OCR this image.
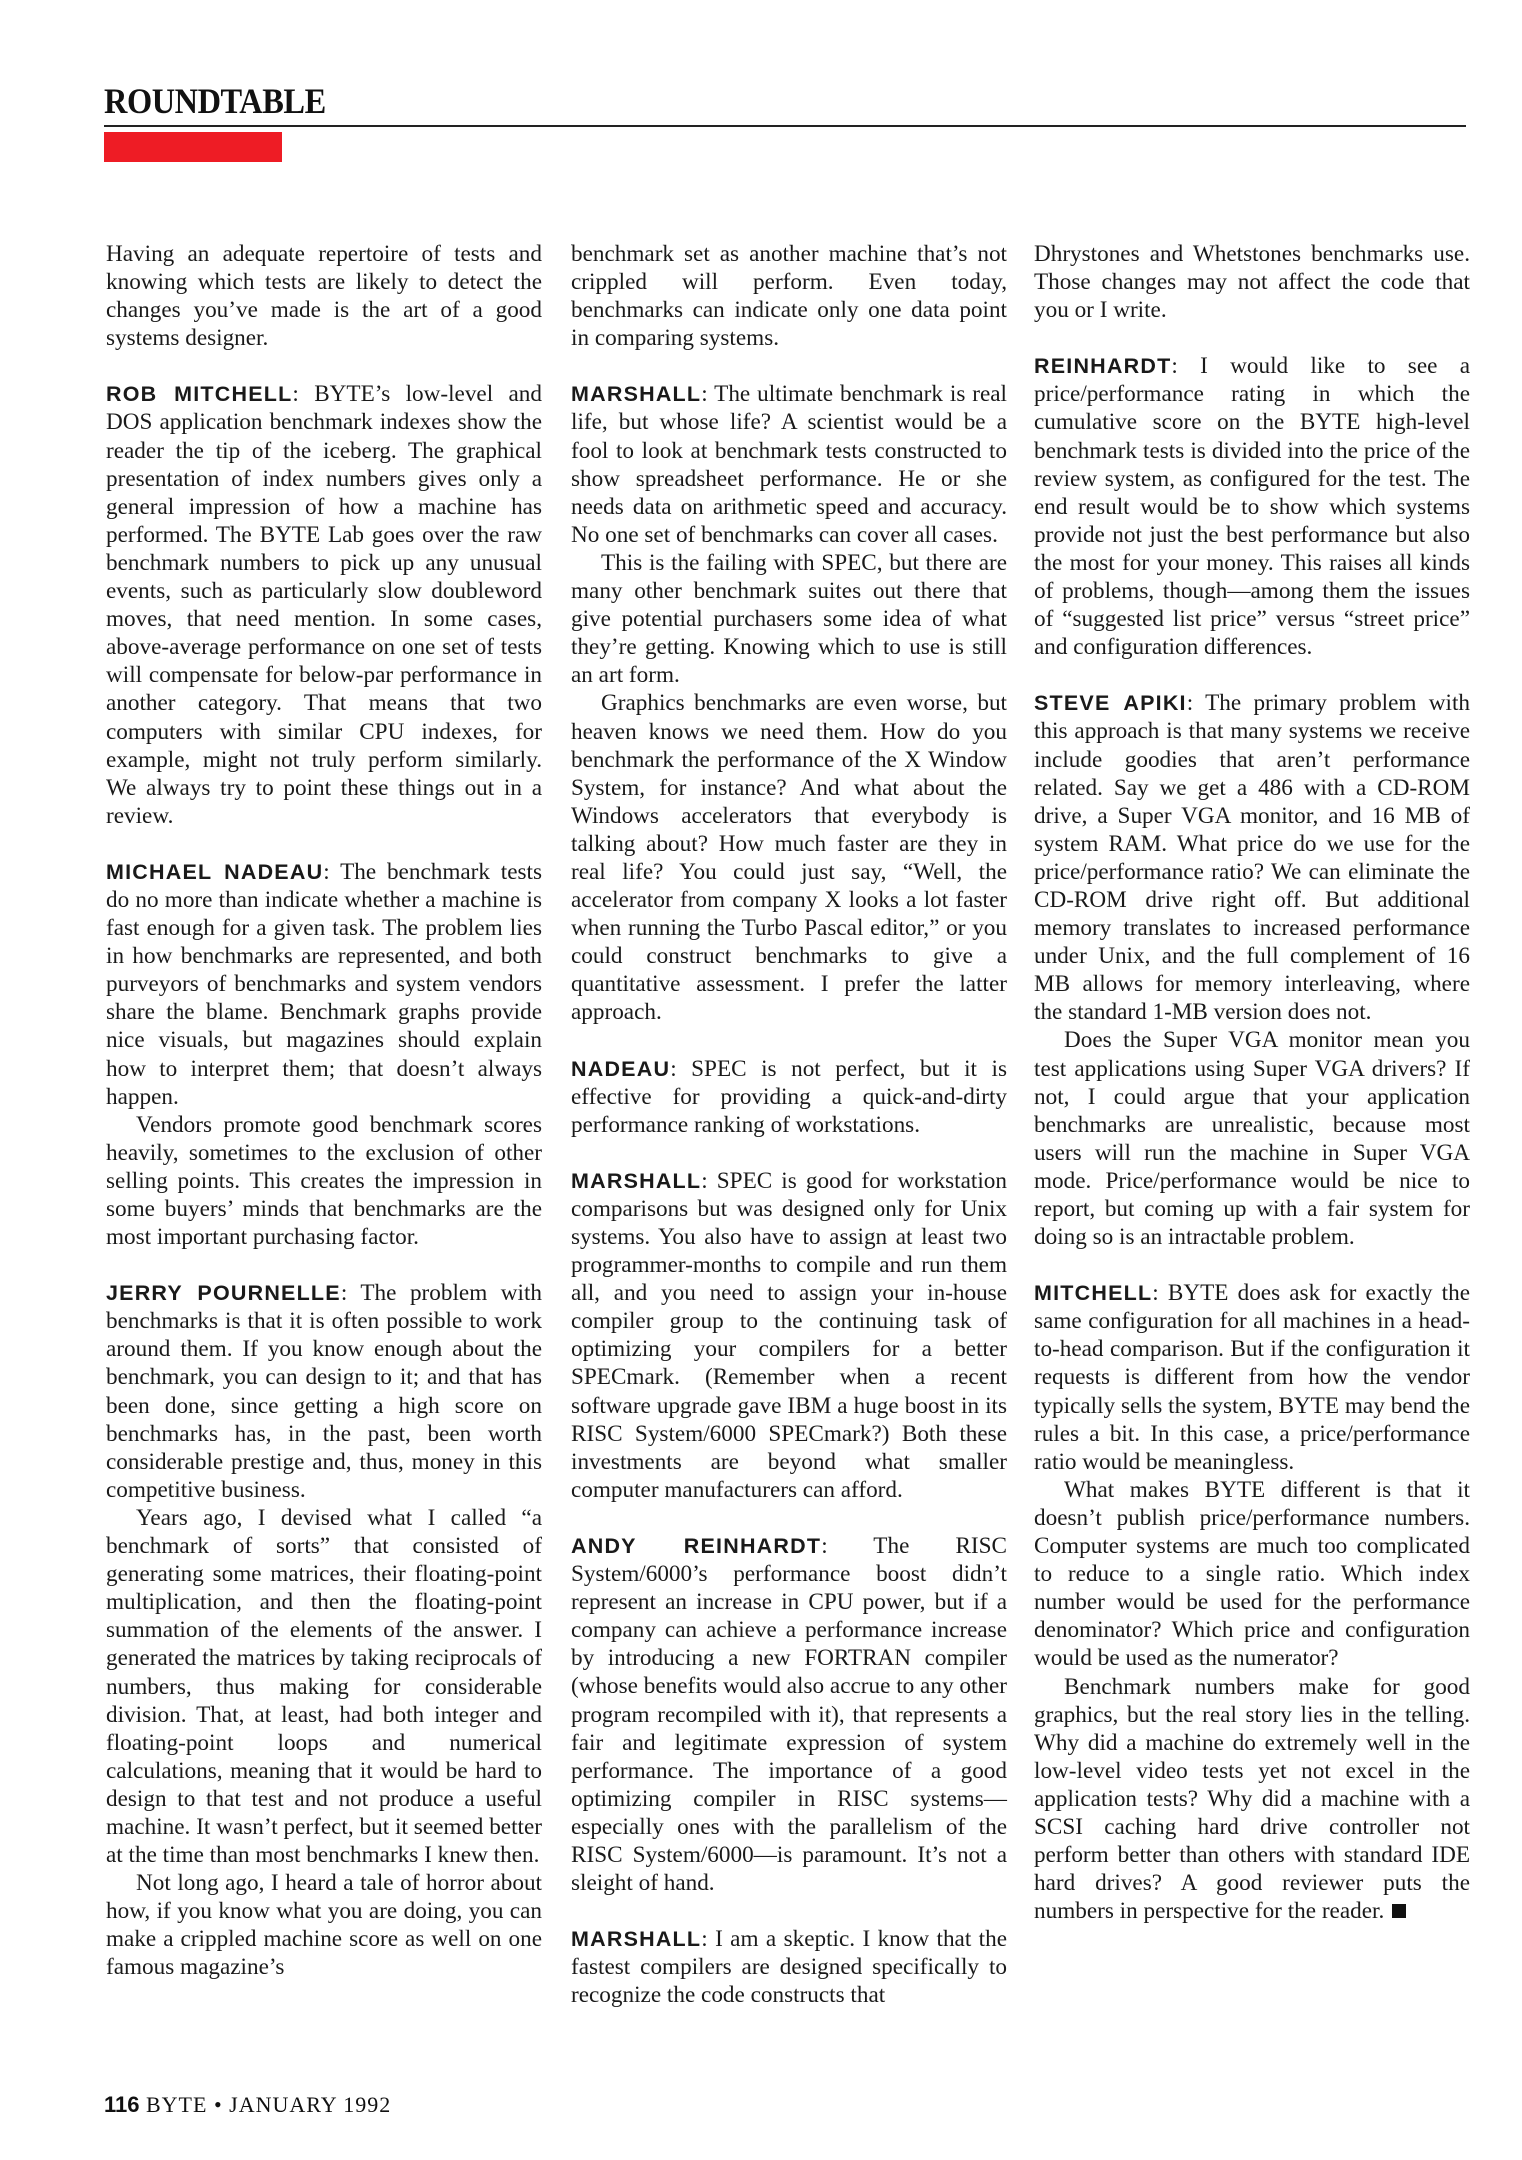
ROUNDTABLE

Having an adequate repertoire of tests and knowing which tests are likely to detect the changes you’ve made is the art of a good systems designer.

ROB MITCHELL: BYTE’s low-level and DOS application benchmark indexes show the reader the tip of the iceberg. The graphical presentation of index numbers gives only a general impression of how a machine has performed. The BYTE Lab goes over the raw benchmark numbers to pick up any unusual events, such as particularly slow doubleword moves, that need mention. In some cases, above-average performance on one set of tests will compensate for below-par performance in another category. That means that two computers with similar CPU indexes, for example, might not truly perform similarly. We always try to point these things out in a review.

MICHAEL NADEAU: The benchmark tests do no more than indicate whether a machine is fast enough for a given task. The problem lies in how benchmarks are represented, and both purveyors of benchmarks and system vendors share the blame. Benchmark graphs provide nice visuals, but magazines should explain how to interpret them; that doesn’t always happen.

Vendors promote good benchmark scores heavily, sometimes to the exclusion of other selling points. This creates the impression in some buyers’ minds that benchmarks are the most important purchasing factor.

JERRY POURNELLE: The problem with benchmarks is that it is often possible to work around them. If you know enough about the benchmark, you can design to it; and that has been done, since getting a high score on benchmarks has, in the past, been worth considerable prestige and, thus, money in this competitive business.

Years ago, I devised what I called “a benchmark of sorts” that consisted of generating some matrices, their floating-point multiplication, and then the floating-point summation of the elements of the answer. I generated the matrices by taking reciprocals of numbers, thus making for considerable division. That, at least, had both integer and floating-point loops and numerical calculations, meaning that it would be hard to design to that test and not produce a useful machine. It wasn’t perfect, but it seemed better at the time than most benchmarks I knew then.

Not long ago, I heard a tale of horror about how, if you know what you are doing, you can make a crippled machine score as well on one famous magazine’s

benchmark set as another machine that’s not crippled will perform. Even today, benchmarks can indicate only one data point in comparing systems.

MARSHALL: The ultimate benchmark is real life, but whose life? A scientist would be a fool to look at benchmark tests constructed to show spreadsheet performance. He or she needs data on arithmetic speed and accuracy. No one set of benchmarks can cover all cases.

This is the failing with SPEC, but there are many other benchmark suites out there that give potential purchasers some idea of what they’re getting. Knowing which to use is still an art form.

Graphics benchmarks are even worse, but heaven knows we need them. How do you benchmark the performance of the X Window System, for instance? And what about the Windows accelerators that everybody is talking about? How much faster are they in real life? You could just say, “Well, the accelerator from company X looks a lot faster when running the Turbo Pascal editor,” or you could construct benchmarks to give a quantitative assessment. I prefer the latter approach.

NADEAU: SPEC is not perfect, but it is effective for providing a quick-and-dirty performance ranking of workstations.

MARSHALL: SPEC is good for workstation comparisons but was designed only for Unix systems. You also have to assign at least two programmer-months to compile and run them all, and you need to assign your in-house compiler group to the continuing task of optimizing your compilers for a better SPECmark. (Remember when a recent software upgrade gave IBM a huge boost in its RISC System/6000 SPECmark?) Both these investments are beyond what smaller computer manufacturers can afford.

ANDY REINHARDT: The RISC System/6000’s performance boost didn’t represent an increase in CPU power, but if a company can achieve a performance increase by introducing a new FORTRAN compiler (whose benefits would also accrue to any other program recompiled with it), that represents a fair and legitimate expression of system performance. The importance of a good optimizing compiler in RISC systems—especially ones with the parallelism of the RISC System/6000—is paramount. It’s not a sleight of hand.

MARSHALL: I am a skeptic. I know that the fastest compilers are designed specifically to recognize the code constructs that

Dhrystones and Whetstones benchmarks use. Those changes may not affect the code that you or I write.

REINHARDT: I would like to see a price/performance rating in which the cumulative score on the BYTE high-level benchmark tests is divided into the price of the review system, as configured for the test. The end result would be to show which systems provide not just the best performance but also the most for your money. This raises all kinds of problems, though—among them the issues of “suggested list price” versus “street price” and configuration differences.

STEVE APIKI: The primary problem with this approach is that many systems we receive include goodies that aren’t performance related. Say we get a 486 with a CD-ROM drive, a Super VGA monitor, and 16 MB of system RAM. What price do we use for the price/performance ratio? We can eliminate the CD-ROM drive right off. But additional memory translates to increased performance under Unix, and the full complement of 16 MB allows for memory interleaving, where the standard 1-MB version does not.

Does the Super VGA monitor mean you test applications using Super VGA drivers? If not, I could argue that your application benchmarks are unrealistic, because most users will run the machine in Super VGA mode. Price/performance would be nice to report, but coming up with a fair system for doing so is an intractable problem.

MITCHELL: BYTE does ask for exactly the same configuration for all machines in a head-to-head comparison. But if the configuration it requests is different from how the vendor typically sells the system, BYTE may bend the rules a bit. In this case, a price/performance ratio would be meaningless.

What makes BYTE different is that it doesn’t publish price/performance numbers. Computer systems are much too complicated to reduce to a single ratio. Which index number would be used for the performance denominator? Which price and configuration would be used as the numerator?

Benchmark numbers make for good graphics, but the real story lies in the telling. Why did a machine do extremely well in the low-level video tests yet not excel in the application tests? Why did a machine with a SCSI caching hard drive controller not perform better than others with standard IDE hard drives? A good reviewer puts the numbers in perspective for the reader.

116 BYTE • JANUARY 1992
